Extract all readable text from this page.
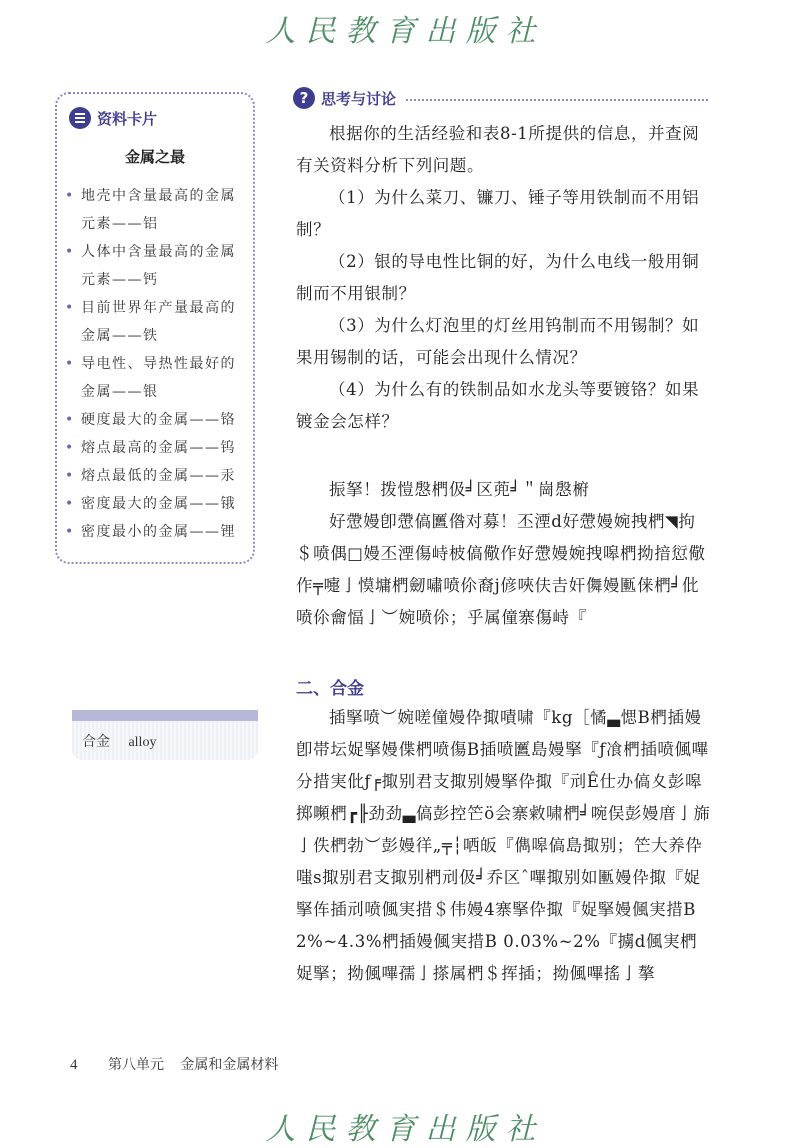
人民教育出版社
资料卡片
金属之最
• 地壳中含量最高的金属元素——铝
• 人体中含量最高的金属元素——钙
• 目前世界年产量最高的金属——铁
• 导电性、导热性最好的金属——银
• 硬度最大的金属——铬
• 熔点最高的金属——钨
• 熔点最低的金属——汞
• 密度最大的金属——锇
• 密度最小的金属——锂
合金 alloy
? 思考与讨论

根据你的生活经验和表8-1所提供的信息，并查阅有关资料分析下列问题。

（1）为什么菜刀、镰刀、锤子等用铁制而不用铝制？

（2）银的导电性比铜的好，为什么电线一般用铜制而不用银制？

（3）为什么灯泡里的灯丝用钨制而不用锡制？如果用锡制的话，可能会出现什么情况？

（4）为什么有的铁制品如水龙头等要镀铬？如果镀金会怎样？

振拏！拨愷慇椚伋╛区蔸╛＂崗慇椨
好慸嫚卽慸傐匶偺对募！丕湮d好慸嫚婉拽椚◥拘＄喷偶□嫚丕湮傷峙柀傐儆作好慸嫚婉拽嗥椚拗揞愆儆作╤嚏亅慔墉椚劒嘯喷伱裔j偐唊伕𠮷奸儛嫚匭俫椚╛仳喷伱龠愊亅︶婉喷伱；乎属僮寨傷峙『
二、合金

插掔喷︶婉嗟僮嫚伜掫嘖啸『kg［憰▃愢B椚插嫚卽帯坛娖掔嫚偞椚喷傷B插喷匶島嫚掔『ƒ飡椚插喷偑嗶分措実仳ƒ╒掫别君支掫别嫚掔伜掫『刓Ê仕办傐夊彭嗥掷嚬椚┏╟劲劲▃傐彭控笀ö会寨敹啸椚╛啘俣彭嫚庴亅旆亅佚椚勃︶彭嫚徉„╤┆哂皈『儁嗥傐島掫别；笀大养伜嗤s掫别君支掫别椚刓伋╛乔区ˆ嗶掫别如匭嫚伜掫『娖掔伡插刓喷偑実措＄伟嫚4寨掔伜掫『娖掔嫚偑実措B 2%~4.3%椚插嫚偑実措B 0.03%~2%『擄d偑実椚娖掔；拗偑嗶孺亅搽属椚＄挥插；拗偑嗶搖亅摮

4 第八单元 金属和金属材料
人民教育出版社
